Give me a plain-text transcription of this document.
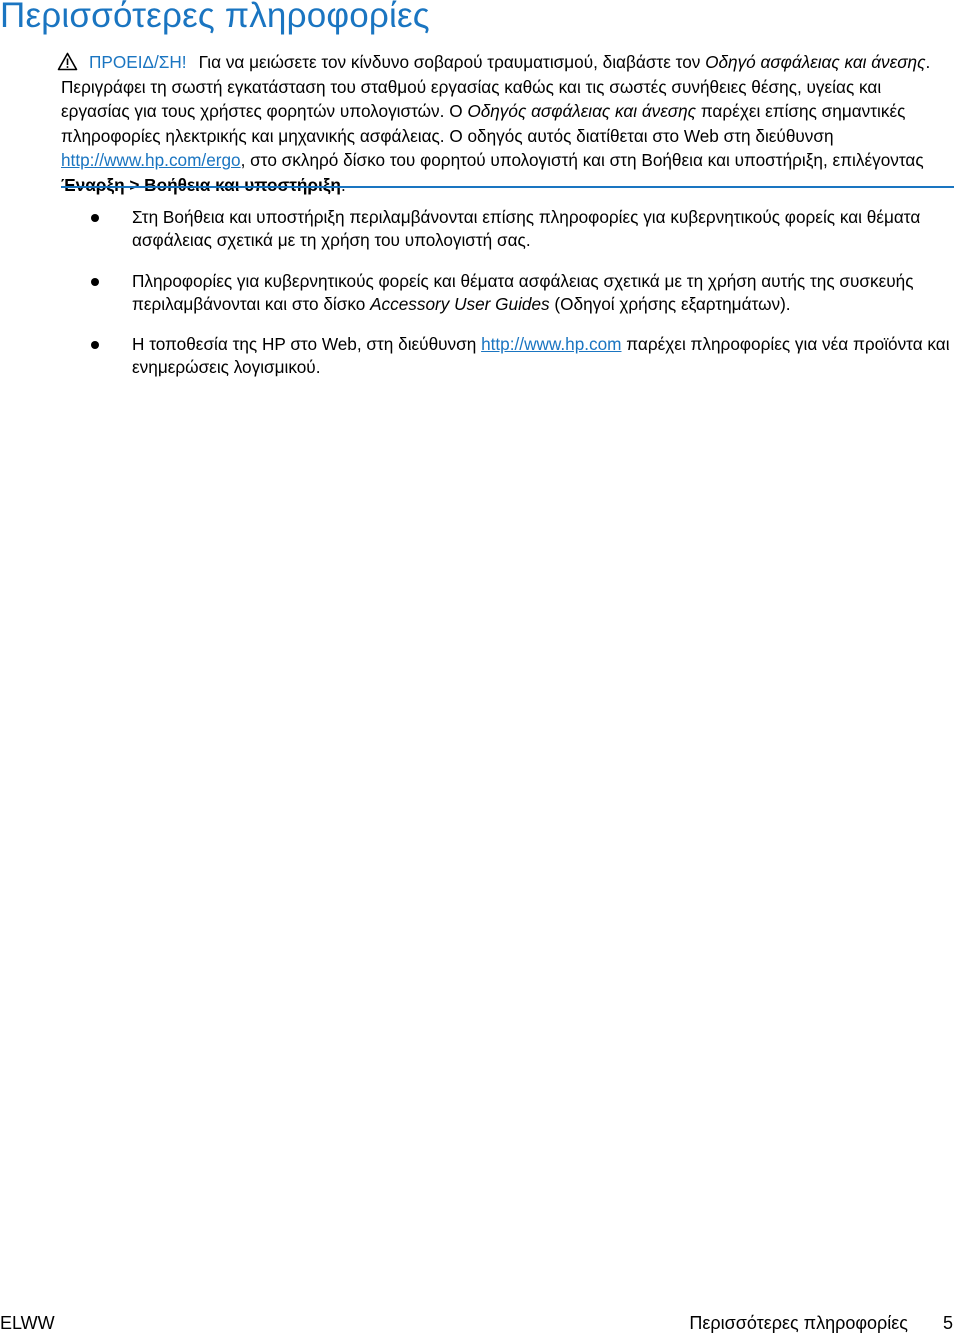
Περισσότερες πληροφορίες
ΠΡΟΕΙΔ/ΣΗ! Για να μειώσετε τον κίνδυνο σοβαρού τραυματισμού, διαβάστε τον Οδηγό ασφάλειας και άνεσης. Περιγράφει τη σωστή εγκατάσταση του σταθμού εργασίας καθώς και τις σωστές συνήθειες θέσης, υγείας και εργασίας για τους χρήστες φορητών υπολογιστών. Ο Οδηγός ασφάλειας και άνεσης παρέχει επίσης σημαντικές πληροφορίες ηλεκτρικής και μηχανικής ασφάλειας. Ο οδηγός αυτός διατίθεται στο Web στη διεύθυνση http://www.hp.com/ergo, στο σκληρό δίσκο του φορητού υπολογιστή και στη Βοήθεια και υποστήριξη, επιλέγοντας Έναρξη > Βοήθεια και υποστήριξη.
Στη Βοήθεια και υποστήριξη περιλαμβάνονται επίσης πληροφορίες για κυβερνητικούς φορείς και θέματα ασφάλειας σχετικά με τη χρήση του υπολογιστή σας.
Πληροφορίες για κυβερνητικούς φορείς και θέματα ασφάλειας σχετικά με τη χρήση αυτής της συσκευής περιλαμβάνονται και στο δίσκο Accessory User Guides (Οδηγοί χρήσης εξαρτημάτων).
Η τοποθεσία της HP στο Web, στη διεύθυνση http://www.hp.com παρέχει πληροφορίες για νέα προϊόντα και ενημερώσεις λογισμικού.
ELWW	Περισσότερες πληροφορίες 5
